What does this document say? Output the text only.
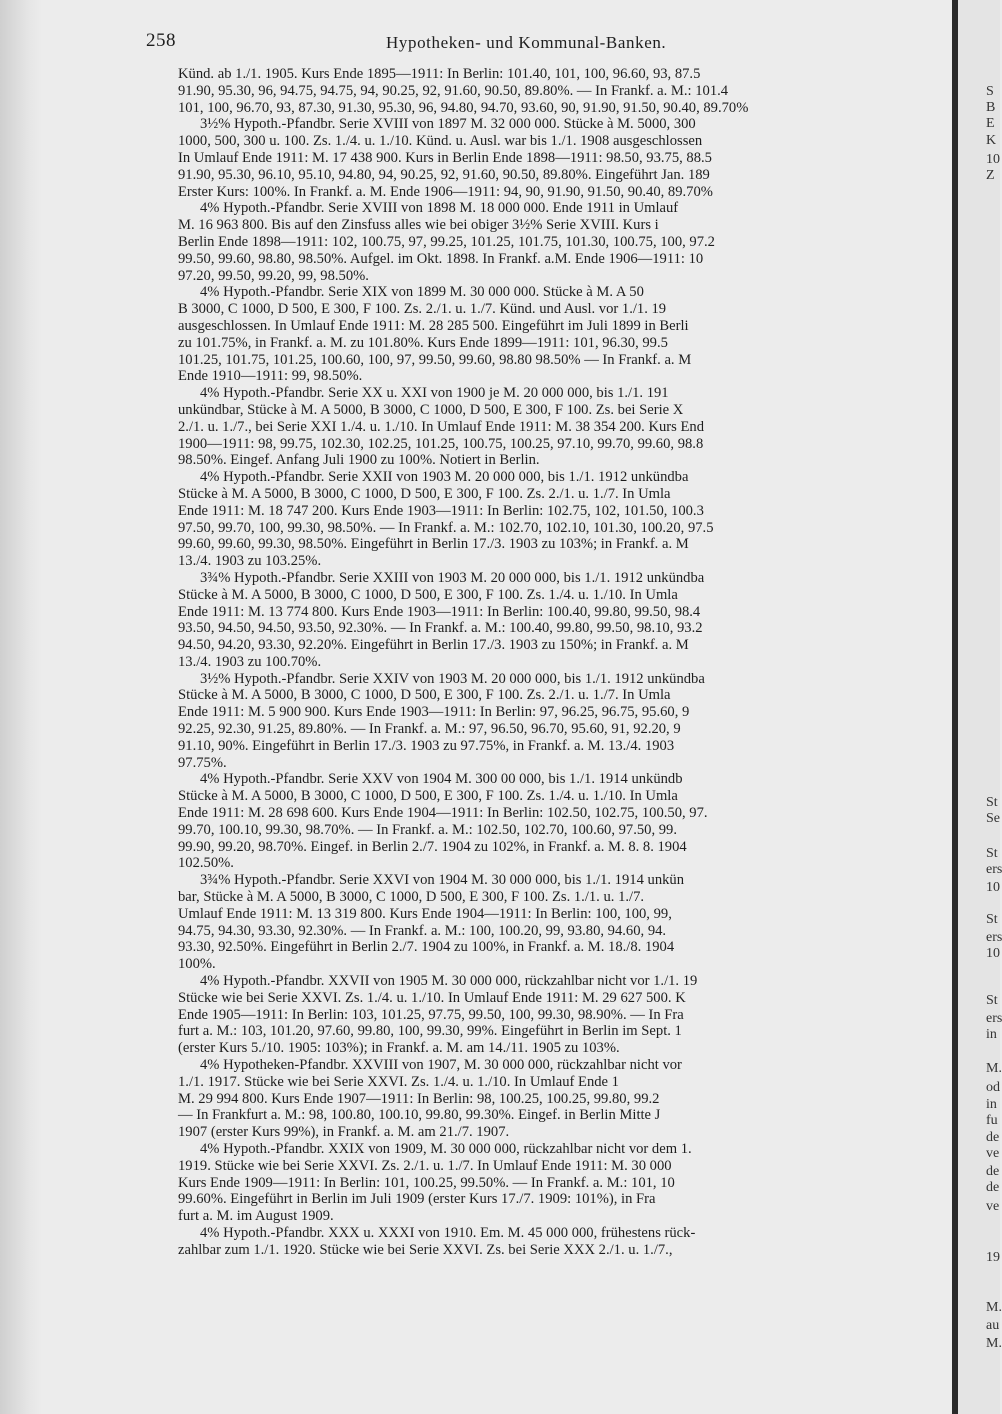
258	Hypotheken- und Kommunal-Banken.
Künd. ab 1./1. 1905. Kurs Ende 1895—1911: In Berlin: 101.40, 101, 100, 96.60, 93, 87.5
91.90, 95.30, 96, 94.75, 94.75, 94, 90.25, 92, 91.60, 90.50, 89.80%. — In Frankf. a. M.: 101.4
101, 100, 96.70, 93, 87.30, 91.30, 95.30, 96, 94.80, 94.70, 93.60, 90, 91.90, 91.50, 90.40, 89.70%
3½% Hypoth.-Pfandbr. Serie XVIII von 1897 M. 32 000 000. Stücke à M. 5000, 300
1000, 500, 300 u. 100. Zs. 1./4. u. 1./10. Künd. u. Ausl. war bis 1./1. 1908 ausgeschlossen
In Umlauf Ende 1911: M. 17 438 900. Kurs in Berlin Ende 1898—1911: 98.50, 93.75, 88.5
91.90, 95.30, 96.10, 95.10, 94.80, 94, 90.25, 92, 91.60, 90.50, 89.80%. Eingeführt Jan. 189
Erster Kurs: 100%. In Frankf. a. M. Ende 1906—1911: 94, 90, 91.90, 91.50, 90.40, 89.70%
4% Hypoth.-Pfandbr. Serie XVIII von 1898 M. 18 000 000. Ende 1911 in Umlauf
M. 16 963 800. Bis auf den Zinsfuss alles wie bei obiger 3½% Serie XVIII. Kurs i
Berlin Ende 1898—1911: 102, 100.75, 97, 99.25, 101.25, 101.75, 101.30, 100.75, 100, 97.2
99.50, 99.60, 98.80, 98.50%. Aufgel. im Okt. 1898. In Frankf. a.M. Ende 1906—1911: 10
97.20, 99.50, 99.20, 99, 98.50%.
4% Hypoth.-Pfandbr. Serie XIX von 1899 M. 30 000 000. Stücke à M. A 50
B 3000, C 1000, D 500, E 300, F 100. Zs. 2./1. u. 1./7. Künd. und Ausl. vor 1./1. 19
ausgeschlossen. In Umlauf Ende 1911: M. 28 285 500. Eingeführt im Juli 1899 in Berli
zu 101.75%, in Frankf. a. M. zu 101.80%. Kurs Ende 1899—1911: 101, 96.30, 99.5
101.25, 101.75, 101.25, 100.60, 100, 97, 99.50, 99.60, 98.80 98.50% — In Frankf. a. M
Ende 1910—1911: 99, 98.50%.
4% Hypoth.-Pfandbr. Serie XX u. XXI von 1900 je M. 20 000 000, bis 1./1. 191
unkündbar, Stücke à M. A 5000, B 3000, C 1000, D 500, E 300, F 100. Zs. bei Serie X
2./1. u. 1./7., bei Serie XXI 1./4. u. 1./10. In Umlauf Ende 1911: M. 38 354 200. Kurs End
1900—1911: 98, 99.75, 102.30, 102.25, 101.25, 100.75, 100.25, 97.10, 99.70, 99.60, 98.8
98.50%. Eingef. Anfang Juli 1900 zu 100%. Notiert in Berlin.
4% Hypoth.-Pfandbr. Serie XXII von 1903 M. 20 000 000, bis 1./1. 1912 unkündba
Stücke à M. A 5000, B 3000, C 1000, D 500, E 300, F 100. Zs. 2./1. u. 1./7. In Umla
Ende 1911: M. 18 747 200. Kurs Ende 1903—1911: In Berlin: 102.75, 102, 101.50, 100.3
97.50, 99.70, 100, 99.30, 98.50%. — In Frankf. a. M.: 102.70, 102.10, 101.30, 100.20, 97.5
99.60, 99.60, 99.30, 98.50%. Eingeführt in Berlin 17./3. 1903 zu 103%; in Frankf. a. M
13./4. 1903 zu 103.25%.
3¾% Hypoth.-Pfandbr. Serie XXIII von 1903 M. 20 000 000, bis 1./1. 1912 unkündba
Stücke à M. A 5000, B 3000, C 1000, D 500, E 300, F 100. Zs. 1./4. u. 1./10. In Umla
Ende 1911: M. 13 774 800. Kurs Ende 1903—1911: In Berlin: 100.40, 99.80, 99.50, 98.4
93.50, 94.50, 94.50, 93.50, 92.30%. — In Frankf. a. M.: 100.40, 99.80, 99.50, 98.10, 93.2
94.50, 94.20, 93.30, 92.20%. Eingeführt in Berlin 17./3. 1903 zu 150%; in Frankf. a. M
13./4. 1903 zu 100.70%.
3½% Hypoth.-Pfandbr. Serie XXIV von 1903 M. 20 000 000, bis 1./1. 1912 unkündba
Stücke à M. A 5000, B 3000, C 1000, D 500, E 300, F 100. Zs. 2./1. u. 1./7. In Umla
Ende 1911: M. 5 900 900. Kurs Ende 1903—1911: In Berlin: 97, 96.25, 96.75, 95.60, 9
92.25, 92.30, 91.25, 89.80%. — In Frankf. a. M.: 97, 96.50, 96.70, 95.60, 91, 92.20, 9
91.10, 90%. Eingeführt in Berlin 17./3. 1903 zu 97.75%, in Frankf. a. M. 13./4. 1903
97.75%.
4% Hypoth.-Pfandbr. Serie XXV von 1904 M. 300 00 000, bis 1./1. 1914 unkündb
Stücke à M. A 5000, B 3000, C 1000, D 500, E 300, F 100. Zs. 1./4. u. 1./10. In Umla
Ende 1911: M. 28 698 600. Kurs Ende 1904—1911: In Berlin: 102.50, 102.75, 100.50, 97.
99.70, 100.10, 99.30, 98.70%. — In Frankf. a. M.: 102.50, 102.70, 100.60, 97.50, 99.
99.90, 99.20, 98.70%. Eingef. in Berlin 2./7. 1904 zu 102%, in Frankf. a. M. 8. 8. 1904
102.50%.
3¾% Hypoth.-Pfandbr. Serie XXVI von 1904 M. 30 000 000, bis 1./1. 1914 unkün
bar, Stücke à M. A 5000, B 3000, C 1000, D 500, E 300, F 100. Zs. 1./1. u. 1./7.
Umlauf Ende 1911: M. 13 319 800. Kurs Ende 1904—1911: In Berlin: 100, 100, 99,
94.75, 94.30, 93.30, 92.30%. — In Frankf. a. M.: 100, 100.20, 99, 93.80, 94.60, 94.
93.30, 92.50%. Eingeführt in Berlin 2./7. 1904 zu 100%, in Frankf. a. M. 18./8. 1904
100%.
4% Hypoth.-Pfandbr. XXVII von 1905 M. 30 000 000, rückzahlbar nicht vor 1./1. 19
Stücke wie bei Serie XXVI. Zs. 1./4. u. 1./10. In Umlauf Ende 1911: M. 29 627 500. K
Ende 1905—1911: In Berlin: 103, 101.25, 97.75, 99.50, 100, 99.30, 98.90%. — In Fra
furt a. M.: 103, 101.20, 97.60, 99.80, 100, 99.30, 99%. Eingeführt in Berlin im Sept. 1
(erster Kurs 5./10. 1905: 103%); in Frankf. a. M. am 14./11. 1905 zu 103%.
4% Hypotheken-Pfandbr. XXVIII von 1907, M. 30 000 000, rückzahlbar nicht vor
1./1. 1917. Stücke wie bei Serie XXVI. Zs. 1./4. u. 1./10. In Umlauf Ende 1
M. 29 994 800. Kurs Ende 1907—1911: In Berlin: 98, 100.25, 100.25, 99.80, 99.2
— In Frankfurt a. M.: 98, 100.80, 100.10, 99.80, 99.30%. Eingef. in Berlin Mitte J
1907 (erster Kurs 99%), in Frankf. a. M. am 21./7. 1907.
4% Hypoth.-Pfandbr. XXIX von 1909, M. 30 000 000, rückzahlbar nicht vor dem 1.
1919. Stücke wie bei Serie XXVI. Zs. 2./1. u. 1./7. In Umlauf Ende 1911: M. 30 000
Kurs Ende 1909—1911: In Berlin: 101, 100.25, 99.50%. — In Frankf. a. M.: 101, 10
99.60%. Eingeführt in Berlin im Juli 1909 (erster Kurs 17./7. 1909: 101%), in Fra
furt a. M. im August 1909.
4% Hypoth.-Pfandbr. XXX u. XXXI von 1910. Em. M. 45 000 000, frühestens rück-
zahlbar zum 1./1. 1920. Stücke wie bei Serie XXVI. Zs. bei Serie XXX 2./1. u. 1./7.,
S
B
E
K
10
Z
St
Se
St
ers
10
St
ers
10
St
ers
in
M.
od
in
fu
de
ve
de
de
ve
19
M.
au
M.
